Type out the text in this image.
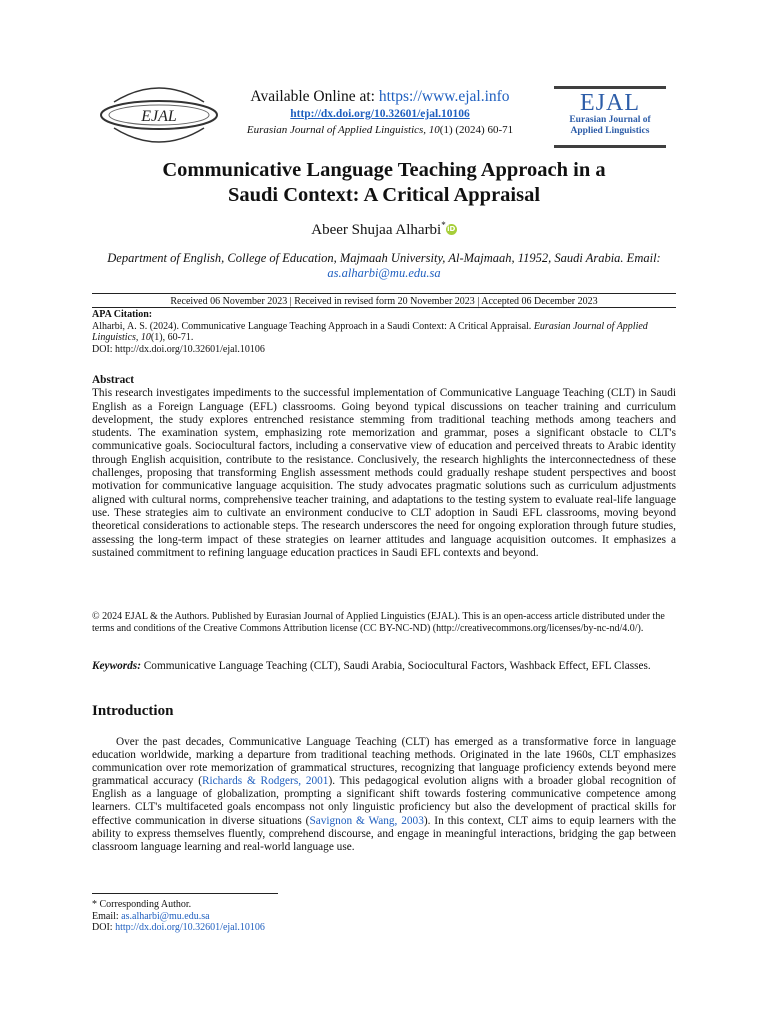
EJAL
Available Online at: https://www.ejal.info
http://dx.doi.org/10.32601/ejal.10106
Eurasian Journal of Applied Linguistics, 10(1) (2024) 60-71
EJAL
Eurasian Journal of
Applied Linguistics
Communicative Language Teaching Approach in a
Saudi Context: A Critical Appraisal
Abeer Shujaa Alharbi*iD
Department of English, College of Education, Majmaah University, Al-Majmaah, 11952, Saudi Arabia. Email: as.alharbi@mu.edu.sa
Received 06 November 2023 | Received in revised form 20 November 2023 | Accepted 06 December 2023
APA Citation:
Alharbi, A. S. (2024). Communicative Language Teaching Approach in a Saudi Context: A Critical Appraisal. Eurasian Journal of Applied Linguistics, 10(1), 60-71.
DOI: http://dx.doi.org/10.32601/ejal.10106
Abstract
This research investigates impediments to the successful implementation of Communicative Language Teaching (CLT) in Saudi English as a Foreign Language (EFL) classrooms. Going beyond typical discussions on teacher training and curriculum development, the study explores entrenched resistance stemming from traditional teaching methods among teachers and students. The examination system, emphasizing rote memorization and grammar, poses a significant obstacle to CLT's communicative goals. Sociocultural factors, including a conservative view of education and perceived threats to Arabic identity through English acquisition, contribute to the resistance. Conclusively, the research highlights the interconnectedness of these challenges, proposing that transforming English assessment methods could gradually reshape student perspectives and boost motivation for communicative language acquisition. The study advocates pragmatic solutions such as curriculum adjustments aligned with cultural norms, comprehensive teacher training, and adaptations to the testing system to evaluate real-life language use. These strategies aim to cultivate an environment conducive to CLT adoption in Saudi EFL classrooms, moving beyond theoretical considerations to actionable steps. The research underscores the need for ongoing exploration through future studies, assessing the long-term impact of these strategies on learner attitudes and language acquisition outcomes. It emphasizes a sustained commitment to refining language education practices in Saudi EFL contexts and beyond.
© 2024 EJAL & the Authors. Published by Eurasian Journal of Applied Linguistics (EJAL). This is an open-access article distributed under the terms and conditions of the Creative Commons Attribution license (CC BY-NC-ND) (http://creativecommons.org/licenses/by-nc-nd/4.0/).
Keywords: Communicative Language Teaching (CLT), Saudi Arabia, Sociocultural Factors, Washback Effect, EFL Classes.
Introduction
Over the past decades, Communicative Language Teaching (CLT) has emerged as a transformative force in language education worldwide, marking a departure from traditional teaching methods. Originated in the late 1960s, CLT emphasizes communication over rote memorization of grammatical structures, recognizing that language proficiency extends beyond mere grammatical accuracy (Richards & Rodgers, 2001). This pedagogical evolution aligns with a broader global recognition of English as a language of globalization, prompting a significant shift towards fostering communicative competence among learners. CLT's multifaceted goals encompass not only linguistic proficiency but also the development of practical skills for effective communication in diverse situations (Savignon & Wang, 2003). In this context, CLT aims to equip learners with the ability to express themselves fluently, comprehend discourse, and engage in meaningful interactions, bridging the gap between classroom language learning and real-world language use.
* Corresponding Author.
Email: as.alharbi@mu.edu.sa
DOI: http://dx.doi.org/10.32601/ejal.10106
